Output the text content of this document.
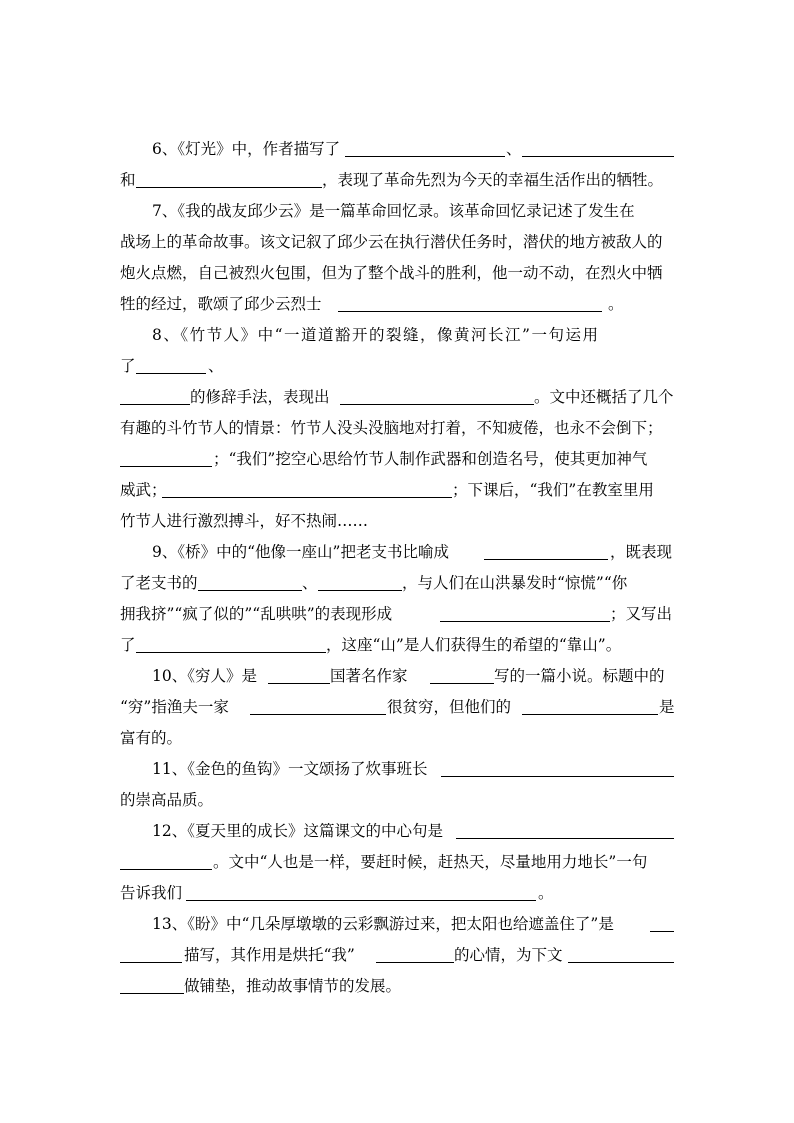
6、《灯光》中，作者描写了	、
和	，表现了革命先烈为今天的幸福生活作出的牺牲。
7、《我的战友邱少云》是一篇革命回忆录。该革命回忆录记述了发生在
战场上的革命故事。该文记叙了邱少云在执行潜伏任务时，潜伏的地方被敌人的
炮火点燃，自己被烈火包围，但为了整个战斗的胜利，他一动不动，在烈火中牺
牲的经过，歌颂了邱少云烈士	。
8、《竹节人》中“一道道豁开的裂缝，像黄河长江”一句运用
了	、
的修辞手法，表现出	。文中还概括了几个
有趣的斗竹节人的情景：竹节人没头没脑地对打着，不知疲倦，也永不会倒下；
；“我们”挖空心思给竹节人制作武器和创造名号，使其更加神气
威武；	；下课后，“我们”在教室里用
竹节人进行激烈搏斗，好不热闹……
9、《桥》中的“他像一座山”把老支书比喻成	，既表现
了老支书的	、	，与人们在山洪暴发时“惊慌”“你
拥我挤”“疯了似的”“乱哄哄”的表现形成	；又写出
了	，这座“山”是人们获得生的希望的“靠山”。
10、《穷人》是	国著名作家	写的一篇小说。标题中的
“穷”指渔夫一家	很贫穷，但他们的	是
富有的。
11、《金色的鱼钩》一文颂扬了炊事班长
的崇高品质。
12、《夏天里的成长》这篇课文的中心句是
。文中“人也是一样，要赶时候，赶热天，尽量地用力地长”一句
告诉我们	。
13、《盼》中“几朵厚墩墩的云彩飘游过来，把太阳也给遮盖住了”是
描写，其作用是烘托“我”	的心情，为下文
做铺垫，推动故事情节的发展。
